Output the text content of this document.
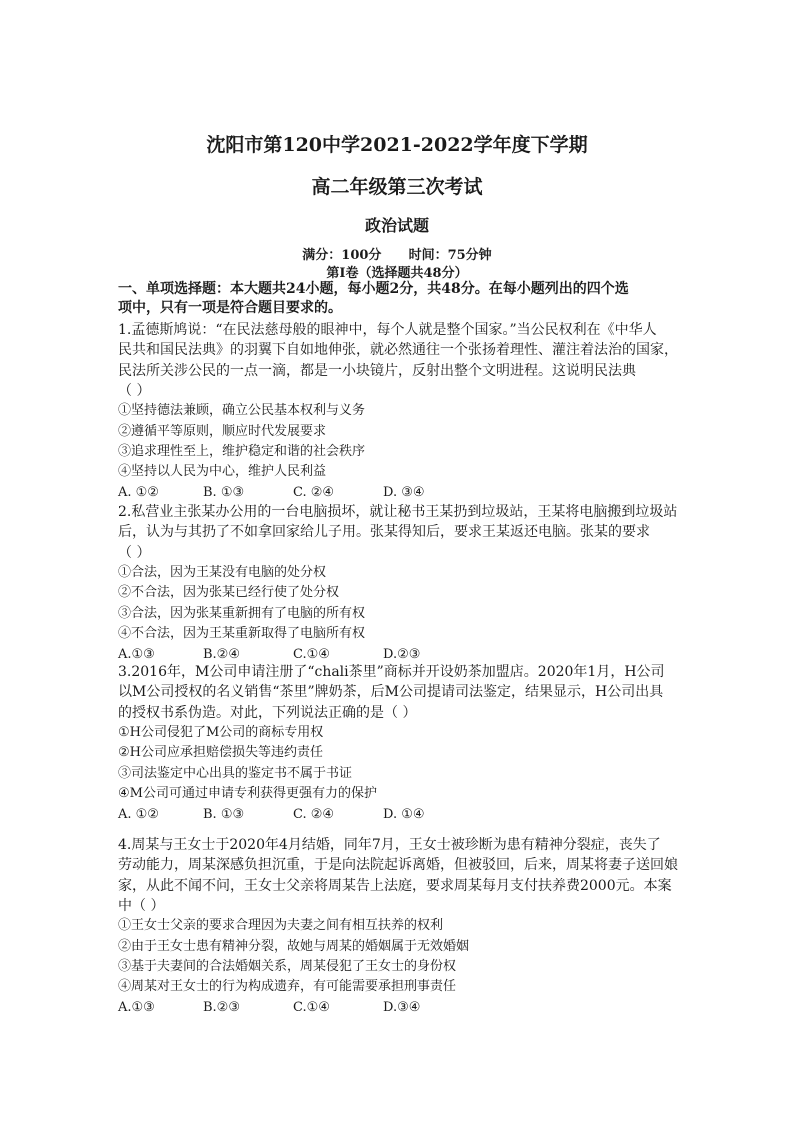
沈阳市第120中学2021-2022学年度下学期
高二年级第三次考试
政治试题
满分：100分      时间：75分钟
第Ⅰ卷（选择题共48分）
一、单项选择题：本大题共24小题，每小题2分，共48分。在每小题列出的四个选
项中，只有一项是符合题目要求的。
1.孟德斯鸠说：“在民法慈母般的眼神中，每个人就是整个国家。”当公民权利在《中华人
民共和国民法典》的羽翼下自如地伸张，就必然通往一个张扬着理性、灌注着法治的国家，
民法所关涉公民的一点一滴，都是一小块镜片，反射出整个文明进程。这说明民法典
（ ）
①坚持德法兼顾，确立公民基本权利与义务
②遵循平等原则，顺应时代发展要求
③追求理性至上，维护稳定和谐的社会秩序
④坚持以人民为中心，维护人民利益
A. ①②	B. ①③	C. ②④	D. ③④
2.私营业主张某办公用的一台电脑损坏，就让秘书王某扔到垃圾站，王某将电脑搬到垃圾站
后，认为与其扔了不如拿回家给儿子用。张某得知后，要求王某返还电脑。张某的要求
（ ）
①合法，因为王某没有电脑的处分权
②不合法，因为张某已经行使了处分权
③合法，因为张某重新拥有了电脑的所有权
④不合法，因为王某重新取得了电脑所有权
A.①③	B.②④	C.①④	D.②③
3.2016年，M公司申请注册了“chali茶里”商标并开设奶茶加盟店。2020年1月，H公司
以M公司授权的名义销售“茶里”牌奶茶，后M公司提请司法鉴定，结果显示，H公司出具
的授权书系伪造。对此，下列说法正确的是（ ）
①H公司侵犯了M公司的商标专用权
②H公司应承担赔偿损失等违约责任
③司法鉴定中心出具的鉴定书不属于书证
④M公司可通过申请专利获得更强有力的保护
A. ①②	B. ①③	C. ②④	D. ①④
4.周某与王女士于2020年4月结婚，同年7月，王女士被珍断为患有精神分裂症，丧失了
劳动能力，周某深感负担沉重，于是向法院起诉离婚，但被驳回，后来，周某将妻子送回娘
家，从此不闻不问，王女士父亲将周某告上法庭，要求周某每月支付扶养费2000元。本案
中（ ）
①王女士父亲的要求合理因为夫妻之间有相互扶养的权利
②由于王女士患有精神分裂，故她与周某的婚姻属于无效婚姻
③基于夫妻间的合法婚姻关系，周某侵犯了王女士的身份权
④周某对王女士的行为构成遗弃，有可能需要承担刑事责任
A.①③	B.②③	C.①④	D.③④
